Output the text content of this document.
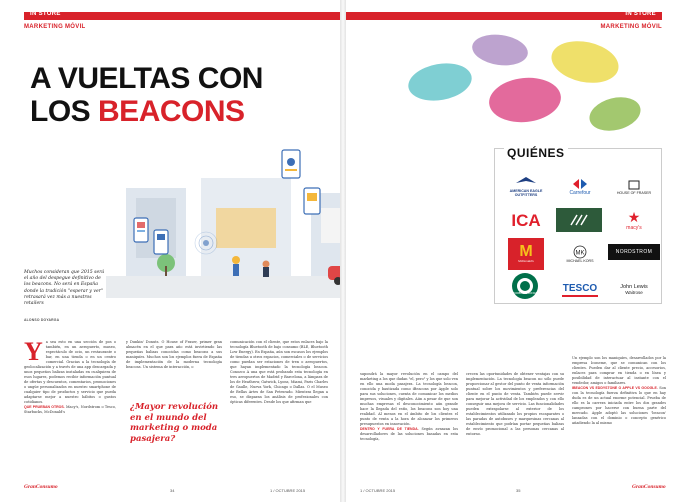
IN STORE
MARKETING MÓVIL
A VUELTAS CON
LOS BEACONS
Muchos consideran que 2015 será el año del despegue definitivo de los beacons. No será en España donde la tradición "esperar y ver" retrasará vez más a nuestros retailers
ALONSO DOYARGA
Y a sea esto en una sección de pos o también, en un aeropuerto, museo, espectáculo de ocio, un restaurante o bar, en una tienda o en un centro comercial. Gracias a la tecnología de geolocalización y a través de una app descargada y unos pequeños balizas instaladas en cualquiera de esos lugares, podemos recibir información puntual de ofertas y descuentos, comentarios, promociones o ungüe personalizados en nuestro smartphone de cualquier tipo de productos y servicio que pueda adaptarse mejor a nuestro hábitos o gustos cotidianos.
QUE PRUEBAN OTROS. Macy's, Nordstrom o Tesco, Starbucks, McDonald's
y Dunkin' Donuts. O House of Fraser, primer gran almacén en el que para año está invirtiendo las pequeñas balizas conocidas como beacons a sus maniquíes. Muchos son los ejemplos fuera de España de implementación de la moderna tecnología beacons. Un sistema de interacción, o
¿Mayor revolución en el mundo del marketing o moda pasajera?
comunicación con el cliente, que estos enlaces bajo la tecnología Bluetooth de bajo consumo (BLE, Bluetooth Low Energy). En España, aún son escasos los ejemplos de tiendas u otros espacios, comerciales o de servicios como puedan ser estaciones de tren o aeropuertos, que hayan implementado la tecnología beacon. Conozco A una que está probando esta tecnología en tres aeropuertos de Madrid y Barcelona, a lámpara de los de Heathrow, Gatwick, Lyons, Miami, Paris Charles de Gaulle, Nueva York, Chicago o Dallas. O el Museo de Bellas Artes de San Petesrado. Mientras llegan a eso, se disparan los análisis de profesionales con ópticas diferentes. Desde los que afirman que
GranConsumo
34	1 / OCTUBRE 2015
IN STORE
MARKETING MÓVIL
supondrá la mayor revolución en el campo del marketing a los que dudan "el, pero" y los que solo ven en ello una moda pasajera. La tecnología beacon, conocida y bautizada como iBeacons por Apple solo para sus soluciones, cuenta de comunicar los medios impresos, visuales y digitales. Aún a pesar de que son muchas empresas el desconocimiento aún grande hace la llegada del estío, los beacons son hoy una realidad. Al menos en el ámbito de los clientes el punto de venta a la hora de alcanzar los primeros presupuestos en innovación.
DENTRO Y FUERA DE TIENDA. Según avanzan los desarrolladores de las soluciones basadas en esta tecnología,
crecen las oportunidades de obtener ventajas con su implementación. La tecnología beacon no sólo puede proporcionar al gestor del punto de venta información puntual sobre los movimientos y preferencias del cliente en el punto de venta. También puede servir para mejorar la actividad de los empleados y con ello conseguir una mejora de servicio. Las funcionalidades pueden extrapolarse al exterior de los establecimientos utilizando los propios escaparates o las paradas de autobuses y marquesinas cercanas al establecimiento que podrían portar pequeñas balizas de envío promocional a las personas cercanas al entorno.
Un ejemplo son los maniquíes, desarrollados por la empresa Iconeme, que se comunican con los clientes. Pueden dar al cliente precio, accesorios, enlaces para comprar en tienda o en línea y posibilidad de interactuar al instante con el vendedor, amigos o familiares.
IBEACON VS EDDYSTONE O APPLE VS GOOGLE. Son con la tecnología fuerza definitiva lo que en hay duda es de un actual enorme potencial. Prueba de ello es la carrera iniciada entre los dos grandes campeones por hacerse con buena parte del mercado. Apple adoptó las soluciones 'beacon' lanzadas con el dominio o concepto genérico añadiendo la al mismo
1 / OCTUBRE 2015	35
GranConsumo
QUIÉNES
AMERICAN EAGLE OUTFITTERS	Carrefour	HOUSE OF FRASER
ICA	★
macy's
M
McDonald's
MK
MICHAEL KORS
NORDSTROM
STARBUCKS COFFEE	TESCO	John Lewis
Waitrose
